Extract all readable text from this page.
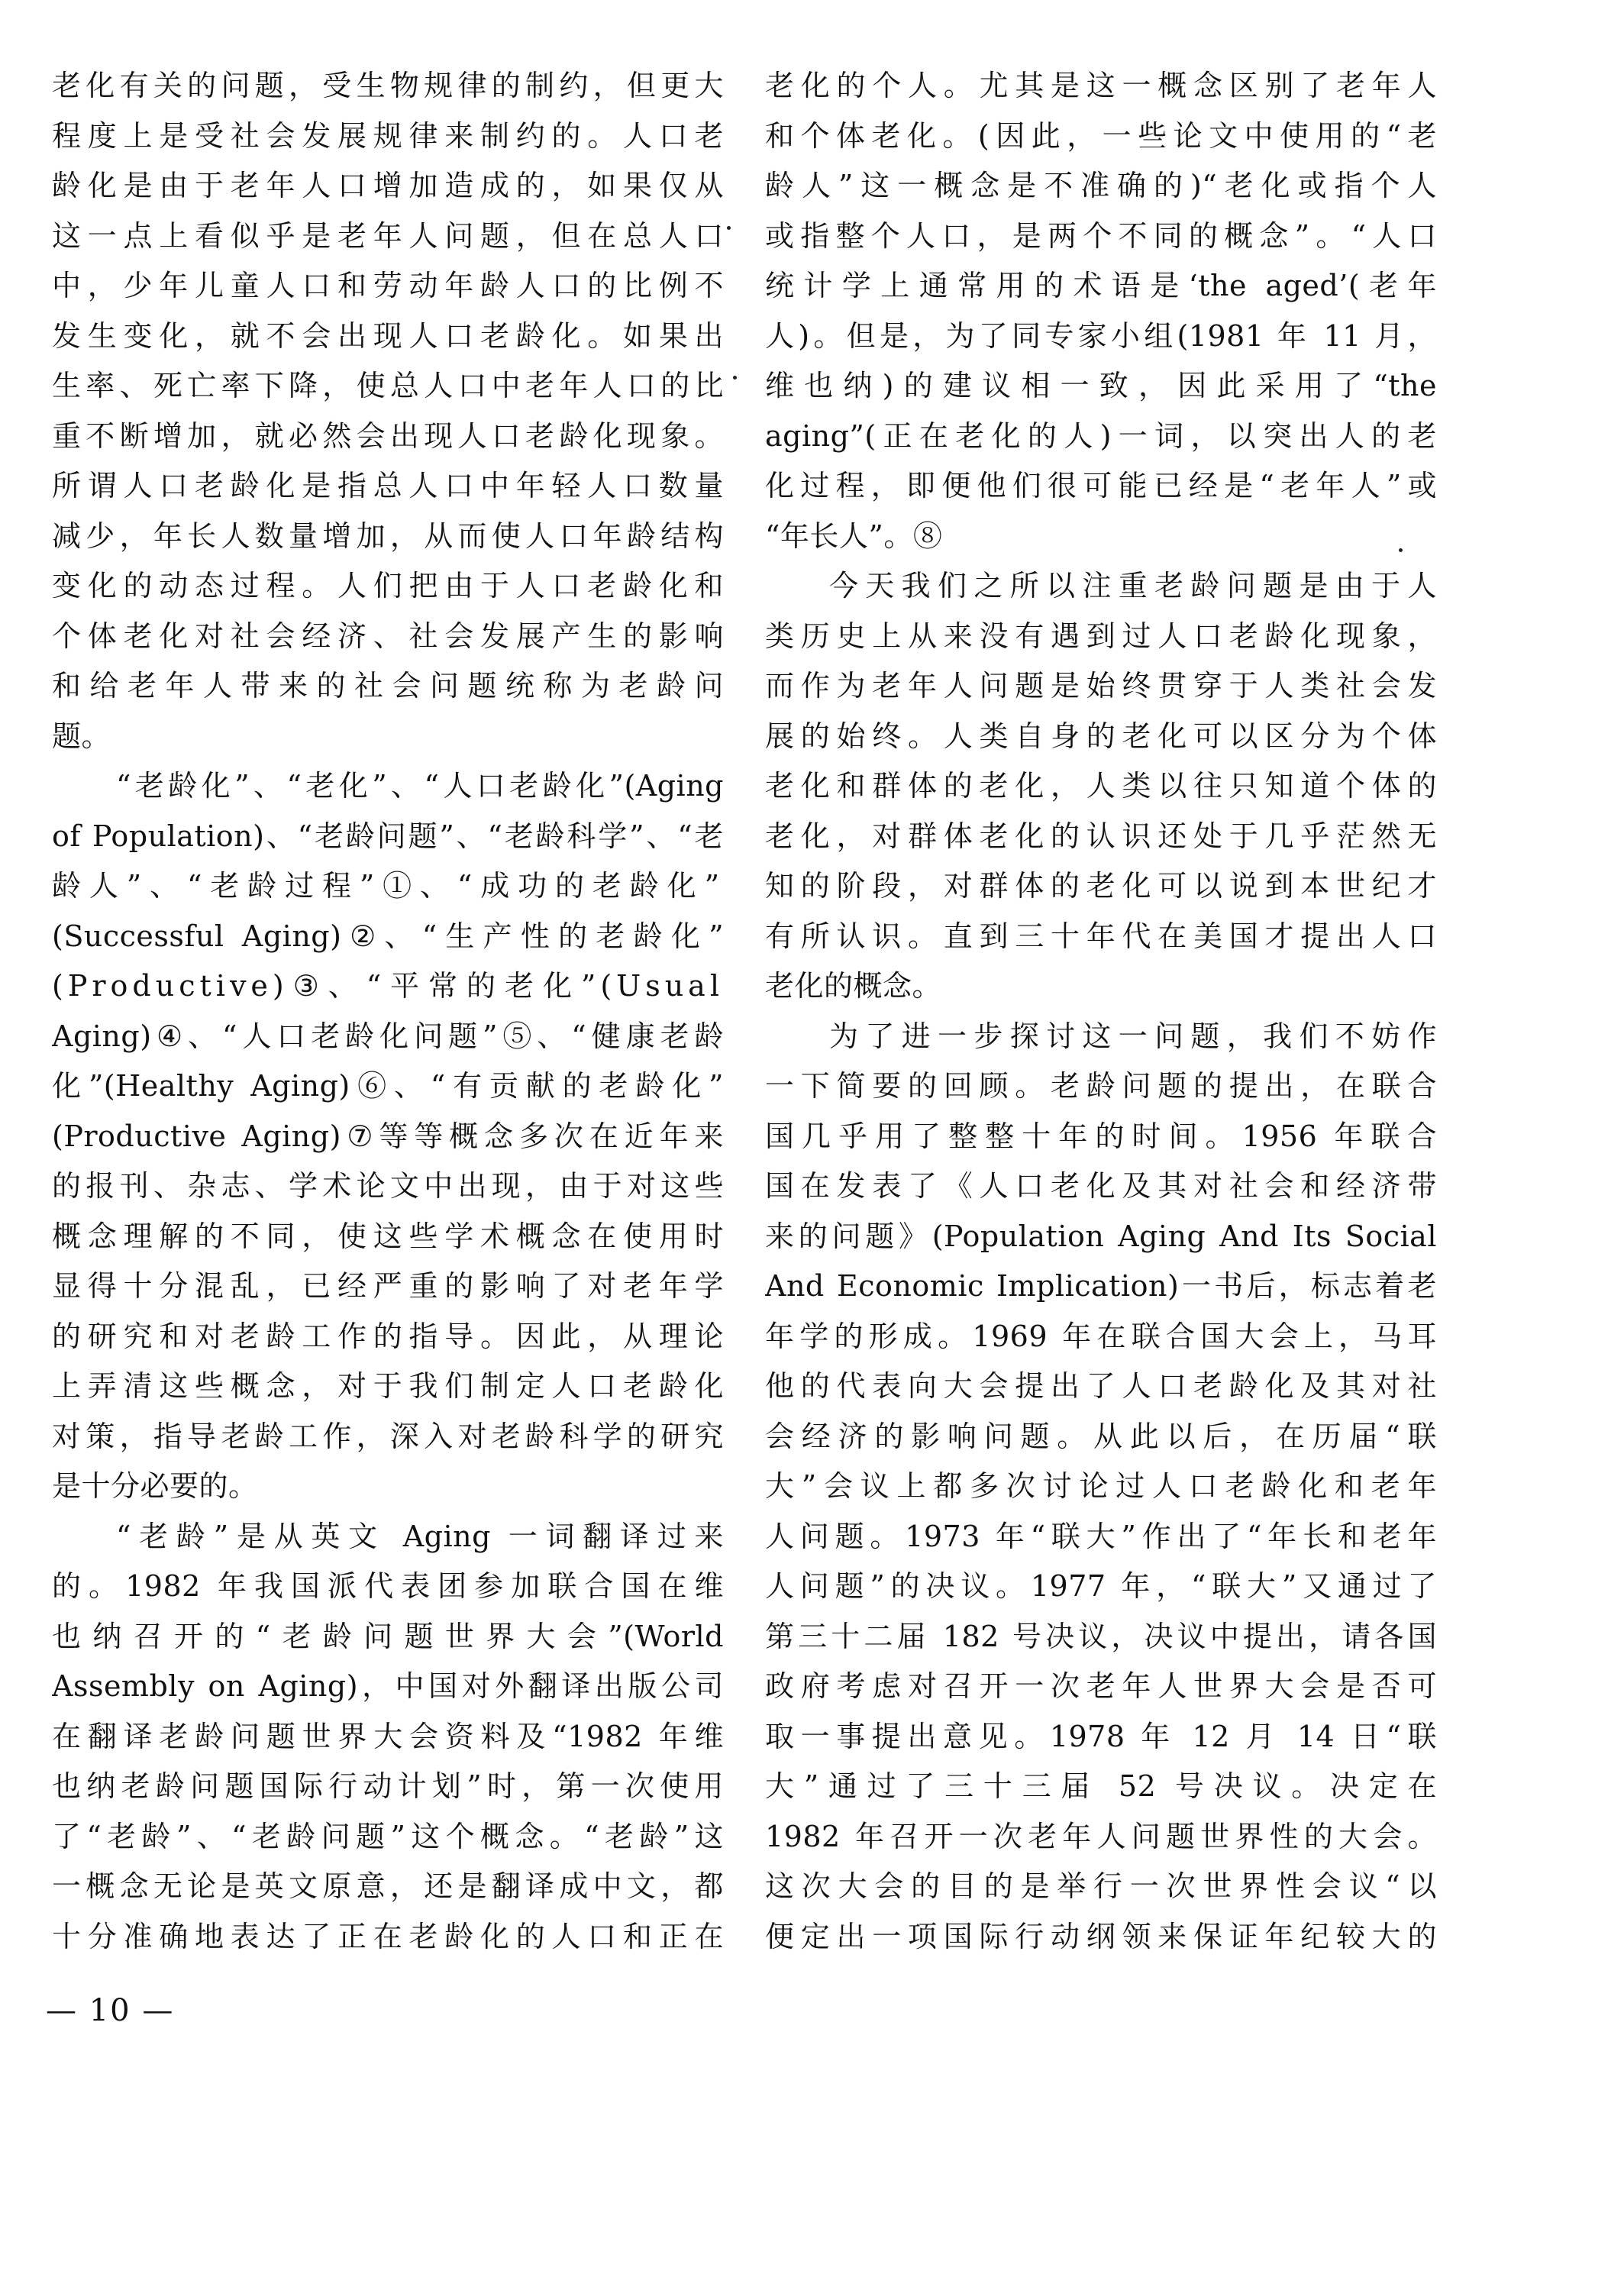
老化有关的问题，受生物规律的制约，但更大
程度上是受社会发展规律来制约的。人口老
龄化是由于老年人口增加造成的，如果仅从
这一点上看似乎是老年人问题，但在总人口
中，少年儿童人口和劳动年龄人口的比例不
发生变化，就不会出现人口老龄化。如果出
生率、死亡率下降，使总人口中老年人口的比
重不断增加，就必然会出现人口老龄化现象。
所谓人口老龄化是指总人口中年轻人口数量
减少，年长人数量增加，从而使人口年龄结构
变化的动态过程。人们把由于人口老龄化和
个体老化对社会经济、社会发展产生的影响
和给老年人带来的社会问题统称为老龄问
题。
“老龄化”、“老化”、“人口老龄化”(Aging
of Population)、“老龄问题”、“老龄科学”、“老
龄人”、“老龄过程”①、“成功的老龄化”
(Successful Aging)②、“生产性的老龄化”
(Productive)③、“平常的老化”(Usual
Aging)④、“人口老龄化问题”⑤、“健康老龄
化”(Healthy Aging)⑥、“有贡献的老龄化”
(Productive Aging)⑦等等概念多次在近年来
的报刊、杂志、学术论文中出现，由于对这些
概念理解的不同，使这些学术概念在使用时
显得十分混乱，已经严重的影响了对老年学
的研究和对老龄工作的指导。因此，从理论
上弄清这些概念，对于我们制定人口老龄化
对策，指导老龄工作，深入对老龄科学的研究
是十分必要的。
“老龄”是从英文 Aging 一词翻译过来
的。1982 年我国派代表团参加联合国在维
也纳召开的“老龄问题世界大会”(World
Assembly on Aging)，中国对外翻译出版公司
在翻译老龄问题世界大会资料及“1982 年维
也纳老龄问题国际行动计划”时，第一次使用
了“老龄”、“老龄问题”这个概念。“老龄”这
一概念无论是英文原意，还是翻译成中文，都
十分准确地表达了正在老龄化的人口和正在
老化的个人。尤其是这一概念区别了老年人
和个体老化。(因此，一些论文中使用的“老
龄人”这一概念是不准确的)“老化或指个人
或指整个人口，是两个不同的概念”。“人口
统计学上通常用的术语是‘the aged’(老年
人)。但是，为了同专家小组(1981 年 11 月，
维也纳)的建议相一致，因此采用了“the
aging”(正在老化的人)一词，以突出人的老
化过程，即便他们很可能已经是“老年人”或
“年长人”。⑧
今天我们之所以注重老龄问题是由于人
类历史上从来没有遇到过人口老龄化现象，
而作为老年人问题是始终贯穿于人类社会发
展的始终。人类自身的老化可以区分为个体
老化和群体的老化，人类以往只知道个体的
老化，对群体老化的认识还处于几乎茫然无
知的阶段，对群体的老化可以说到本世纪才
有所认识。直到三十年代在美国才提出人口
老化的概念。
为了进一步探讨这一问题，我们不妨作
一下简要的回顾。老龄问题的提出，在联合
国几乎用了整整十年的时间。1956 年联合
国在发表了《人口老化及其对社会和经济带
来的问题》(Population Aging And Its Social
And Economic Implication)一书后，标志着老
年学的形成。1969 年在联合国大会上，马耳
他的代表向大会提出了人口老龄化及其对社
会经济的影响问题。从此以后，在历届“联
大”会议上都多次讨论过人口老龄化和老年
人问题。1973 年“联大”作出了“年长和老年
人问题”的决议。1977 年，“联大”又通过了
第三十二届 182 号决议，决议中提出，请各国
政府考虑对召开一次老年人世界大会是否可
取一事提出意见。1978 年 12 月 14 日“联
大”通过了三十三届 52 号决议。决定在
1982 年召开一次老年人问题世界性的大会。
这次大会的目的是举行一次世界性会议“以
便定出一项国际行动纲领来保证年纪较大的
— 10 —
